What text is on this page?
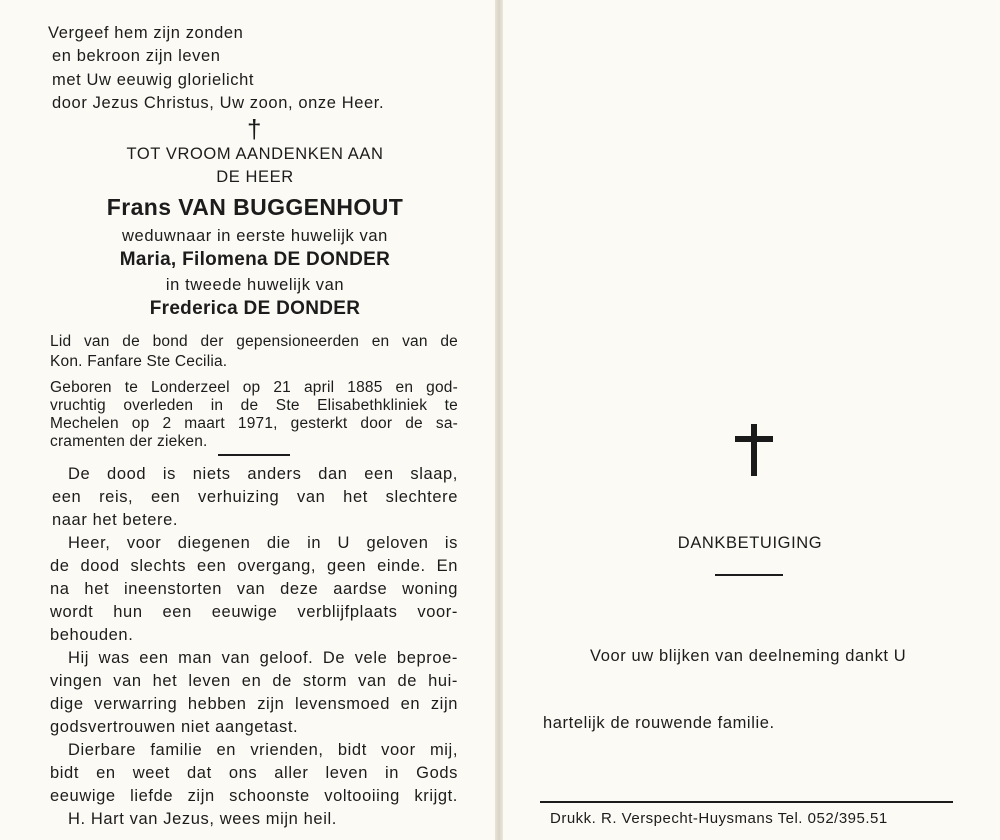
Vergeef hem zijn zonden
en bekroon zijn leven
met Uw eeuwig glorielicht
door Jezus Christus, Uw zoon, onze Heer.
†
TOT VROOM AANDENKEN AAN
DE HEER
Frans VAN BUGGENHOUT
weduwnaar in eerste huwelijk van
Maria, Filomena DE DONDER
in tweede huwelijk van
Frederica DE DONDER
Lid van de bond der gepensioneerden en van de
Kon. Fanfare Ste Cecilia.
Geboren te Londerzeel op 21 april 1885 en god-
vruchtig overleden in de Ste Elisabethkliniek te
Mechelen op 2 maart 1971, gesterkt door de sa-
cramenten der zieken.
De dood is niets anders dan een slaap,
een reis, een verhuizing van het slechtere
naar het betere.
Heer, voor diegenen die in U geloven is
de dood slechts een overgang, geen einde. En
na het ineenstorten van deze aardse woning
wordt hun een eeuwige verblijfplaats voor-
behouden.
Hij was een man van geloof. De vele beproe-
vingen van het leven en de storm van de hui-
dige verwarring hebben zijn levensmoed en zijn
godsvertrouwen niet aangetast.
Dierbare familie en vrienden, bidt voor mij,
bidt en weet dat ons aller leven in Gods
eeuwige liefde zijn schoonste voltooiing krijgt.
H. Hart van Jezus, wees mijn heil.
DANKBETUIGING
Voor uw blijken van deelneming dankt U
hartelijk de rouwende familie.
Drukk. R. Verspecht-Huysmans Tel. 052/395.51
